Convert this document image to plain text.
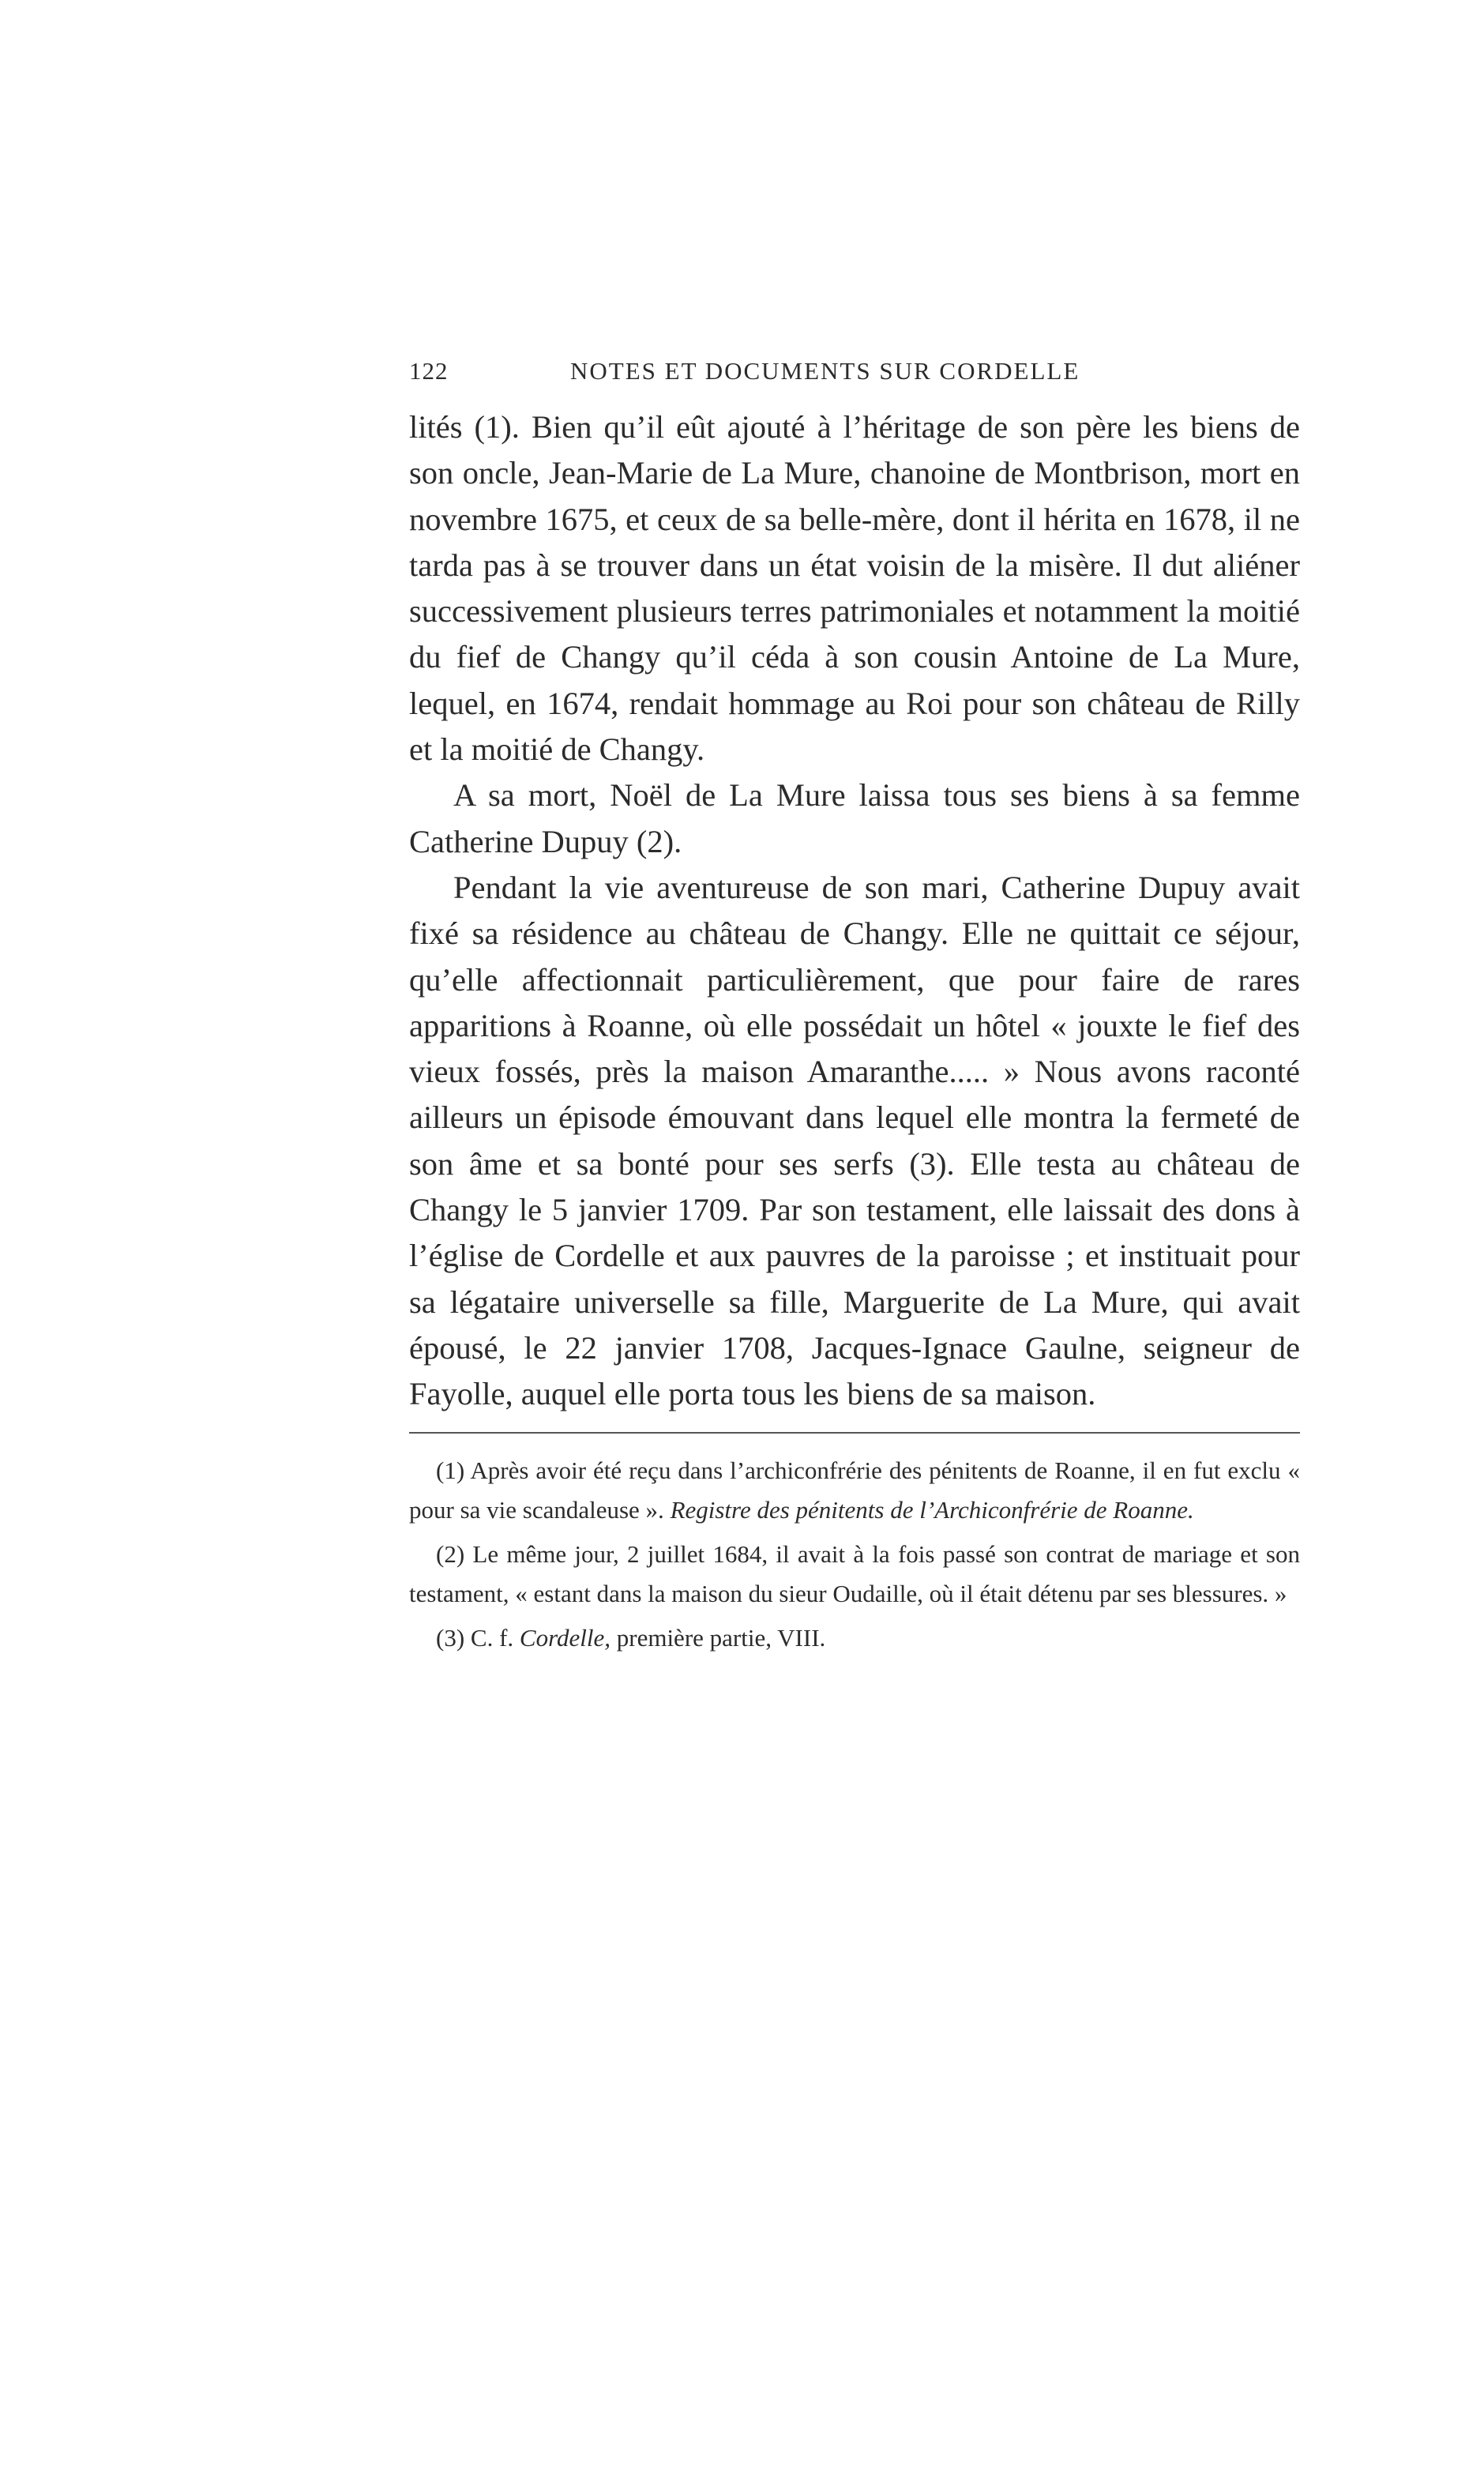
122	NOTES ET DOCUMENTS SUR CORDELLE

lités (1). Bien qu’il eût ajouté à l’héritage de son père les biens de son oncle, Jean-Marie de La Mure, chanoine de Montbrison, mort en novembre 1675, et ceux de sa belle-mère, dont il hérita en 1678, il ne tarda pas à se trouver dans un état voisin de la misère. Il dut aliéner successivement plusieurs terres patrimoniales et notamment la moitié du fief de Changy qu’il céda à son cousin Antoine de La Mure, lequel, en 1674, rendait hommage au Roi pour son château de Rilly et la moitié de Changy.

A sa mort, Noël de La Mure laissa tous ses biens à sa femme Catherine Dupuy (2).

Pendant la vie aventureuse de son mari, Catherine Dupuy avait fixé sa résidence au château de Changy. Elle ne quittait ce séjour, qu’elle affectionnait particulièrement, que pour faire de rares apparitions à Roanne, où elle possédait un hôtel « jouxte le fief des vieux fossés, près la maison Amaranthe..... » Nous avons raconté ailleurs un épisode émouvant dans lequel elle montra la fermeté de son âme et sa bonté pour ses serfs (3). Elle testa au château de Changy le 5 janvier 1709. Par son testament, elle laissait des dons à l’église de Cordelle et aux pauvres de la paroisse ; et instituait pour sa légataire universelle sa fille, Marguerite de La Mure, qui avait épousé, le 22 janvier 1708, Jacques-Ignace Gaulne, seigneur de Fayolle, auquel elle porta tous les biens de sa maison.

(1) Après avoir été reçu dans l’archiconfrérie des pénitents de Roanne, il en fut exclu « pour sa vie scandaleuse ». Registre des pénitents de l’Archiconfrérie de Roanne.

(2) Le même jour, 2 juillet 1684, il avait à la fois passé son contrat de mariage et son testament, « estant dans la maison du sieur Oudaille, où il était détenu par ses blessures. »

(3) C. f. Cordelle, première partie, VIII.
